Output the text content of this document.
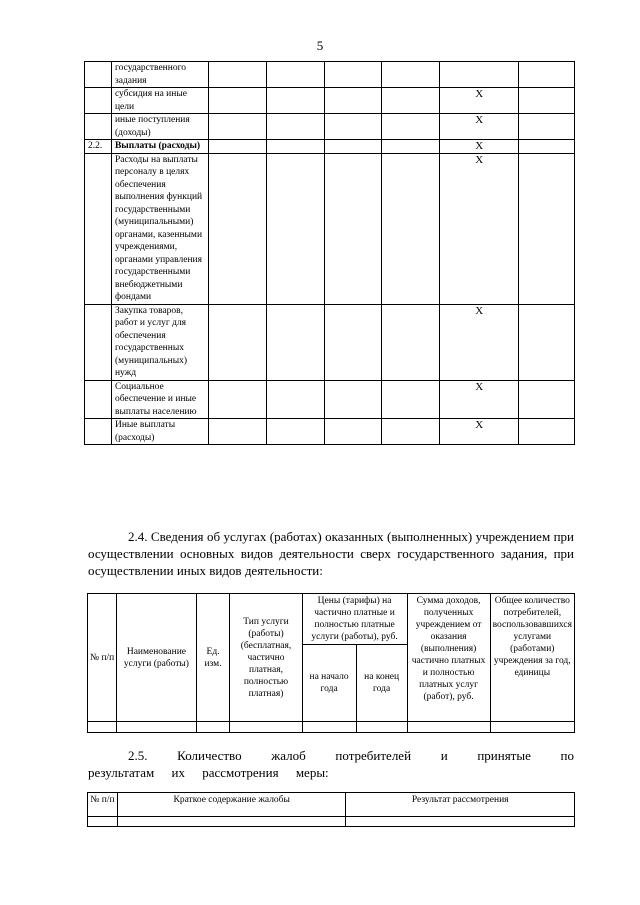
5
	государственного задания						
	субсидия на иные цели					Х	
	иные поступления (доходы)					Х	
2.2.	Выплаты (расходы)					Х	
	Расходы на выплаты персоналу в целях обеспечения выполнения функций государственными (муниципальными) органами, казенными учреждениями, органами управления государственными внебюджетными фондами					Х	
	Закупка товаров, работ и услуг для обеспечения государственных (муниципальных) нужд					Х	
	Социальное обеспечение и иные выплаты населению					Х	
	Иные выплаты (расходы)					Х	
2.4. Сведения об услугах (работах) оказанных (выполненных) учреждением при осуществлении основных видов деятельности сверх государственного задания, при осуществлении иных видов деятельности:
№ п/п	Наименование услуги (работы)	Ед. изм.	Тип услуги (работы) (бесплатная, частично платная, полностью платная)	Цены (тарифы) на частично платные и полностью платные услуги (работы), руб.		Сумма доходов, полученных учреждением от оказания (выполнения) частично платных и полностью платных услуг (работ), руб.	Общее количество потребителей, воспользовавшихся услугами (работами) учреждения за год, единицы
				на начало года	на конец года		

2.5. Количество жалоб потребителей и принятые по результатам их рассмотрения меры:
№ п/п	Краткое содержание жалобы	Результат рассмотрения
